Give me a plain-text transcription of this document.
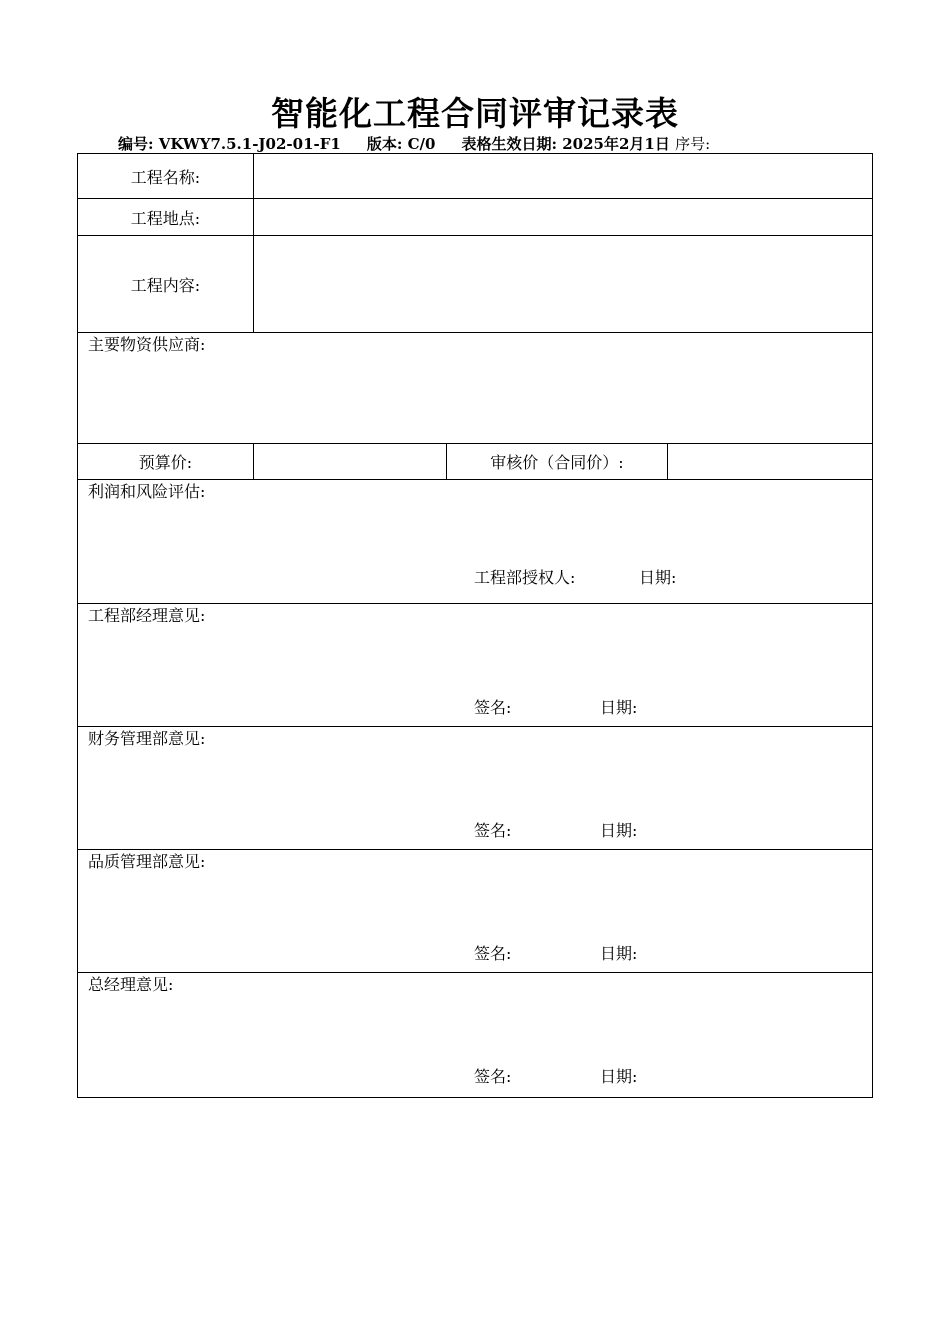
智能化工程合同评审记录表
编号: VKWY7.5.1-J02-01-F1 版本: C/0 表格生效日期: 2025年2月1日 序号:
工程名称:
工程地点:
工程内容:
主要物资供应商:
预算价:	审核价（合同价）:
利润和风险评估:
工程部授权人:	日期:
工程部经理意见:
签名:	日期:
财务管理部意见:
签名:	日期:
品质管理部意见:
签名:	日期:
总经理意见:
签名:	日期:
